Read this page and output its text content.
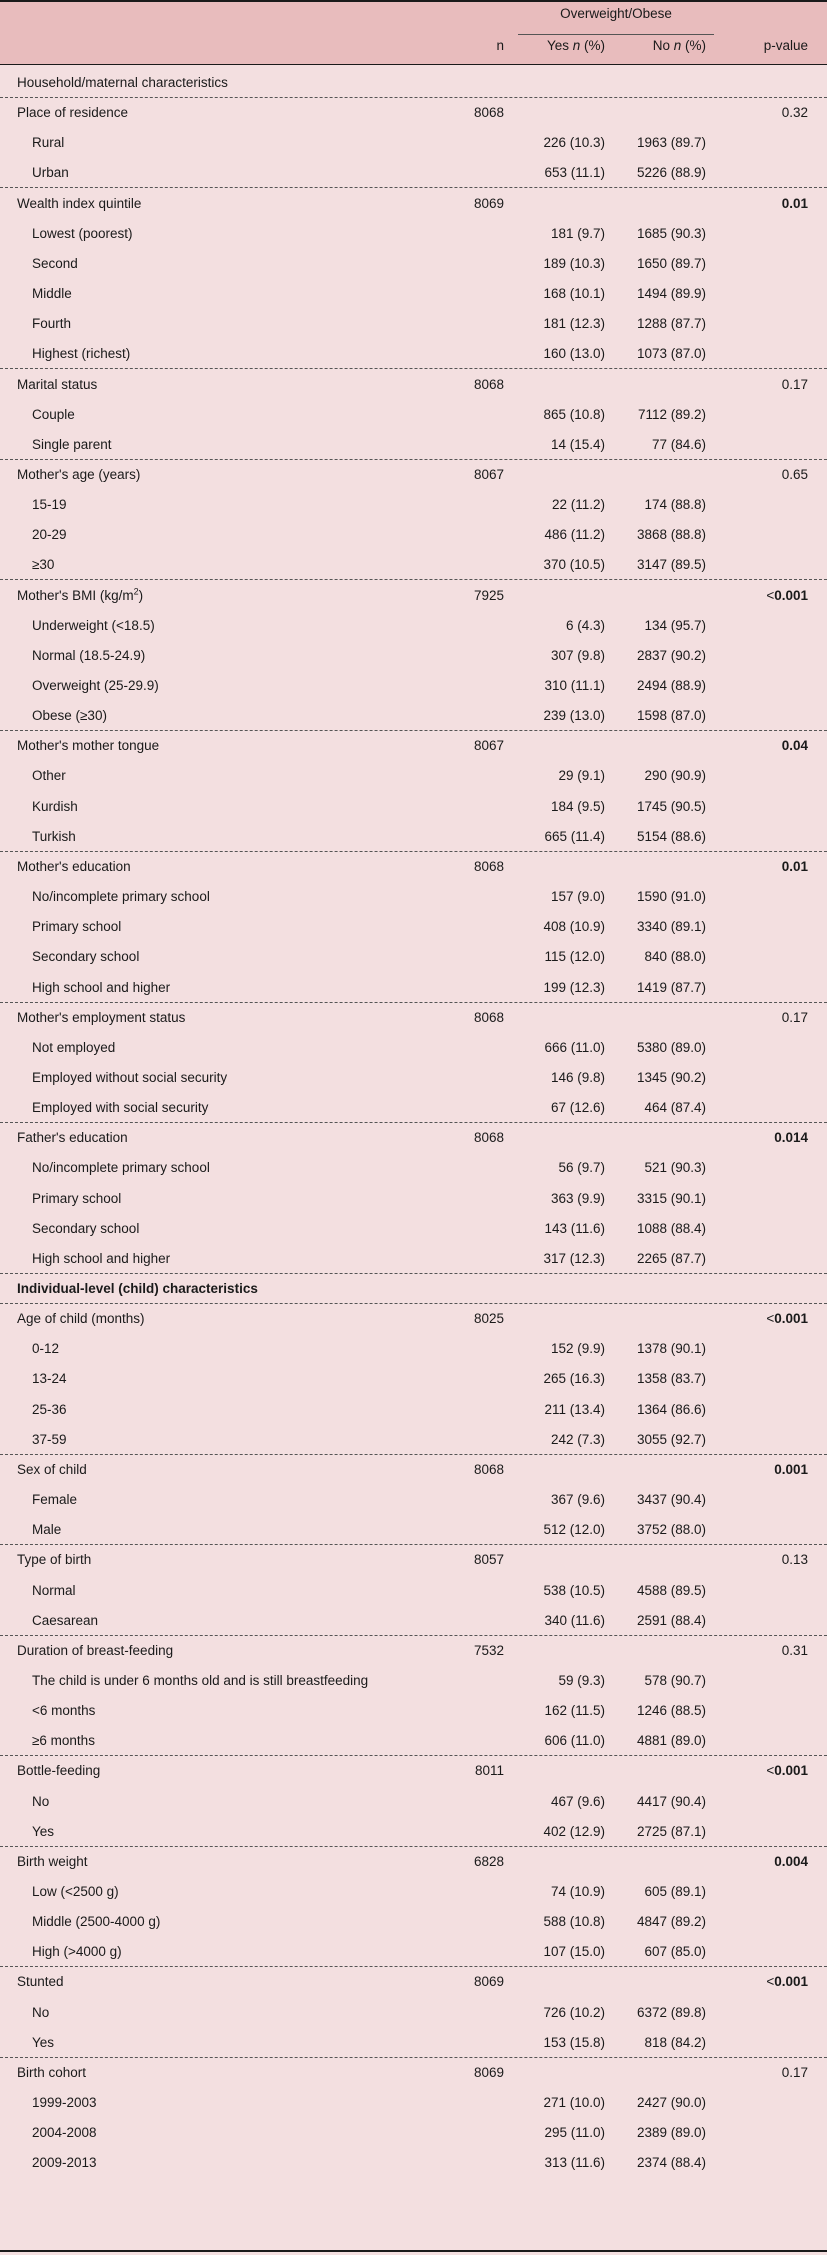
Overweight/Obese
n	Yes n (%)	No n (%)	p-value
Household/maternal characteristics
Place of residence	8068	0.32
Rural	226 (10.3)	1963 (89.7)
Urban	653 (11.1)	5226 (88.9)
Wealth index quintile	8069	0.01
Lowest (poorest)	181 (9.7)	1685 (90.3)
Second	189 (10.3)	1650 (89.7)
Middle	168 (10.1)	1494 (89.9)
Fourth	181 (12.3)	1288 (87.7)
Highest (richest)	160 (13.0)	1073 (87.0)
Marital status	8068	0.17
Couple	865 (10.8)	7112 (89.2)
Single parent	14 (15.4)	77 (84.6)
Mother's age (years)	8067	0.65
15-19	22 (11.2)	174 (88.8)
20-29	486 (11.2)	3868 (88.8)
≥30	370 (10.5)	3147 (89.5)
Mother's BMI $(kg/m^2)$	7925	<0.001
Underweight (<18.5)	6 (4.3)	134 (95.7)
Normal (18.5-24.9)	307 (9.8)	2837 (90.2)
Overweight (25-29.9)	310 (11.1)	2494 (88.9)
Obese (≥30)	239 (13.0)	1598 (87.0)
Mother's mother tongue	8067	0.04
Other	29 (9.1)	290 (90.9)
Kurdish	184 (9.5)	1745 (90.5)
Turkish	665 (11.4)	5154 (88.6)
Mother's education	8068	0.01
No/incomplete primary school	157 (9.0)	1590 (91.0)
Primary school	408 (10.9)	3340 (89.1)
Secondary school	115 (12.0)	840 (88.0)
High school and higher	199 (12.3)	1419 (87.7)
Mother's employment status	8068	0.17
Not employed	666 (11.0)	5380 (89.0)
Employed without social security	146 (9.8)	1345 (90.2)
Employed with social security	67 (12.6)	464 (87.4)
Father's education	8068	0.014
No/incomplete primary school	56 (9.7)	521 (90.3)
Primary school	363 (9.9)	3315 (90.1)
Secondary school	143 (11.6)	1088 (88.4)
High school and higher	317 (12.3)	2265 (87.7)
Individual-level (child) characteristics
Age of child (months)	8025	<0.001
0-12	152 (9.9)	1378 (90.1)
13-24	265 (16.3)	1358 (83.7)
25-36	211 (13.4)	1364 (86.6)
37-59	242 (7.3)	3055 (92.7)
Sex of child	8068	0.001
Female	367 (9.6)	3437 (90.4)
Male	512 (12.0)	3752 (88.0)
Type of birth	8057	0.13
Normal	538 (10.5)	4588 (89.5)
Caesarean	340 (11.6)	2591 (88.4)
Duration of breast-feeding	7532	0.31
The child is under 6 months old and is still breastfeeding	59 (9.3)	578 (90.7)
<6 months	162 (11.5)	1246 (88.5)
≥6 months	606 (11.0)	4881 (89.0)
Bottle-feeding	8011	<0.001
No	467 (9.6)	4417 (90.4)
Yes	402 (12.9)	2725 (87.1)
Birth weight	6828	0.004
Low (<2500 g)	74 (10.9)	605 (89.1)
Middle (2500-4000 g)	588 (10.8)	4847 (89.2)
High (>4000 g)	107 (15.0)	607 (85.0)
Stunted	8069	<0.001
No	726 (10.2)	6372 (89.8)
Yes	153 (15.8)	818 (84.2)
Birth cohort	8069	0.17
1999-2003	271 (10.0)	2427 (90.0)
2004-2008	295 (11.0)	2389 (89.0)
2009-2013	313 (11.6)	2374 (88.4)
